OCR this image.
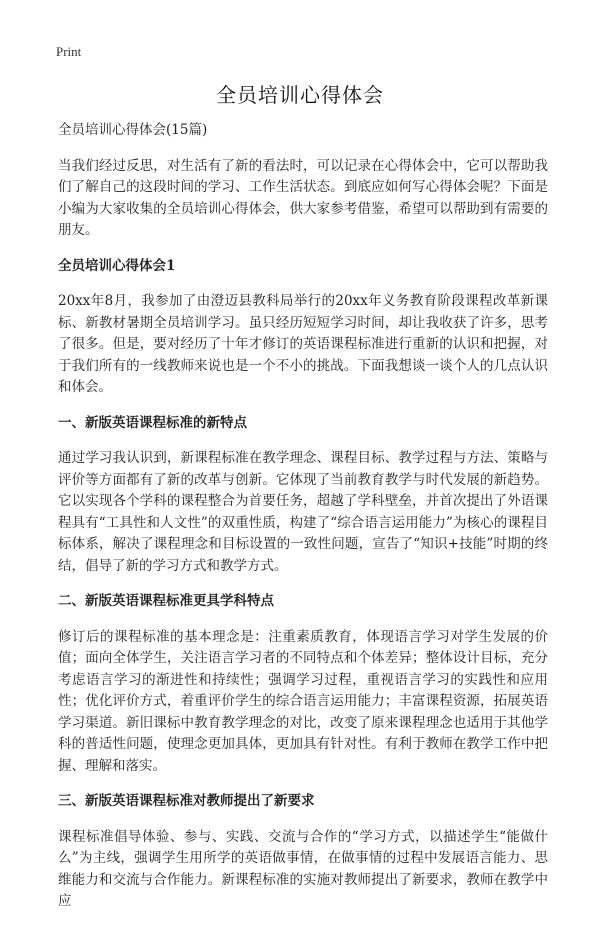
Print
全员培训心得体会

全员培训心得体会(15篇)

当我们经过反思，对生活有了新的看法时，可以记录在心得体会中，它可以帮助我们了解自己的这段时间的学习、工作生活状态。到底应如何写心得体会呢？下面是小编为大家收集的全员培训心得体会，供大家参考借鉴，希望可以帮助到有需要的朋友。

全员培训心得体会1

20xx年8月，我参加了由澄迈县教科局举行的20xx年义务教育阶段课程改革新课标、新教材暑期全员培训学习。虽只经历短短学习时间，却让我收获了许多，思考了很多。但是，要对经历了十年才修订的英语课程标准进行重新的认识和把握，对于我们所有的一线教师来说也是一个不小的挑战。下面我想谈一谈个人的几点认识和体会。

一、新版英语课程标准的新特点

通过学习我认识到，新课程标准在教学理念、课程目标、教学过程与方法、策略与评价等方面都有了新的改革与创新。它体现了当前教育教学与时代发展的新趋势。它以实现各个学科的课程整合为首要任务，超越了学科壁垒，并首次提出了外语课程具有“工具性和人文性”的双重性质，构建了“综合语言运用能力”为核心的课程目标体系，解决了课程理念和目标设置的一致性问题，宣告了“知识+技能”时期的终结，倡导了新的学习方式和教学方式。

二、新版英语课程标准更具学科特点

修订后的课程标准的基本理念是：注重素质教育，体现语言学习对学生发展的价值；面向全体学生，关注语言学习者的不同特点和个体差异；整体设计目标，充分考虑语言学习的渐进性和持续性；强调学习过程，重视语言学习的实践性和应用性；优化评价方式，着重评价学生的综合语言运用能力；丰富课程资源，拓展英语学习渠道。新旧课标中教育教学理念的对比，改变了原来课程理念也适用于其他学科的普适性问题，使理念更加具体，更加具有针对性。有利于教师在教学工作中把握、理解和落实。

三、新版英语课程标准对教师提出了新要求

课程标准倡导体验、参与、实践、交流与合作的“学习方式，以描述学生“能做什么”为主线，强调学生用所学的英语做事情，在做事情的过程中发展语言能力、思维能力和交流与合作能力。新课程标准的实施对教师提出了新要求，教师在教学中应
